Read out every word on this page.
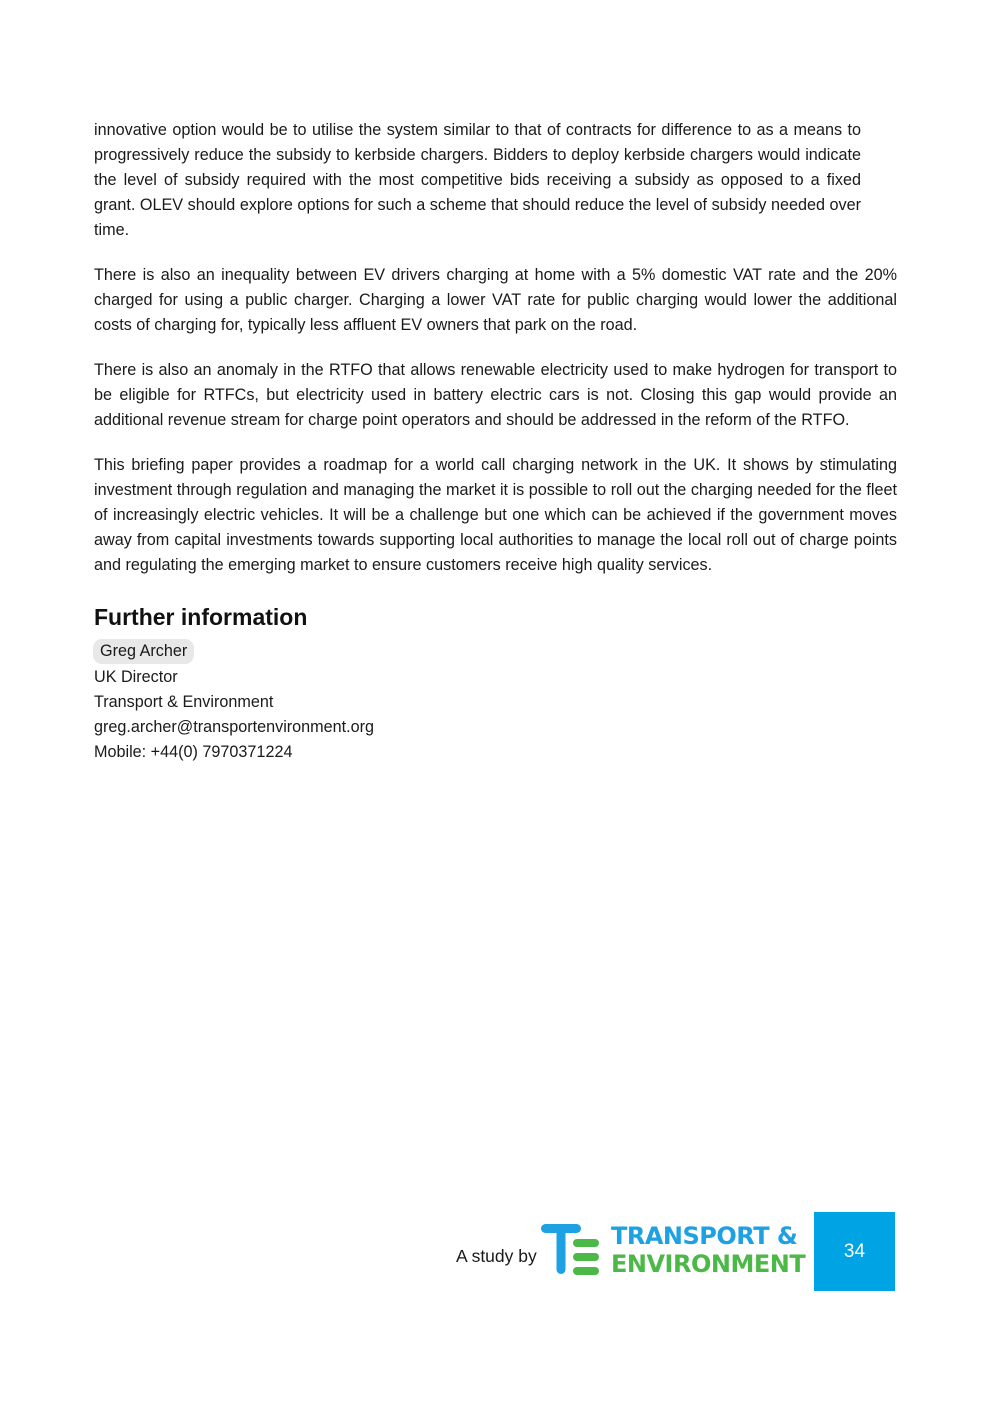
innovative option would be to utilise the system similar to that of contracts for difference to as a means to progressively reduce the subsidy to kerbside chargers. Bidders to deploy kerbside chargers would indicate the level of subsidy required with the most competitive bids receiving a subsidy as opposed to a fixed grant. OLEV should explore options for such a scheme that should reduce the level of subsidy needed over time.

There is also an inequality between EV drivers charging at home with a 5% domestic VAT rate and the 20% charged for using a public charger. Charging a lower VAT rate for public charging would lower the additional costs of charging for, typically less affluent EV owners that park on the road.

There is also an anomaly in the RTFO that allows renewable electricity used to make hydrogen for transport to be eligible for RTFCs, but electricity used in battery electric cars is not. Closing this gap would provide an additional revenue stream for charge point operators and should be addressed in the reform of the RTFO.

This briefing paper provides a roadmap for a world call charging network in the UK. It shows by stimulating investment through regulation and managing the market it is possible to roll out the charging needed for the fleet of increasingly electric vehicles. It will be a challenge but one which can be achieved if the government moves away from capital investments towards supporting local authorities to manage the local roll out of charge points and regulating the emerging market to ensure customers receive high quality services.

Further information

Greg Archer

UK Director

Transport & Environment

greg.archer@transportenvironment.org

Mobile: +44(0) 7970371224

A study by
TRANSPORT &
ENVIRONMENT 34
